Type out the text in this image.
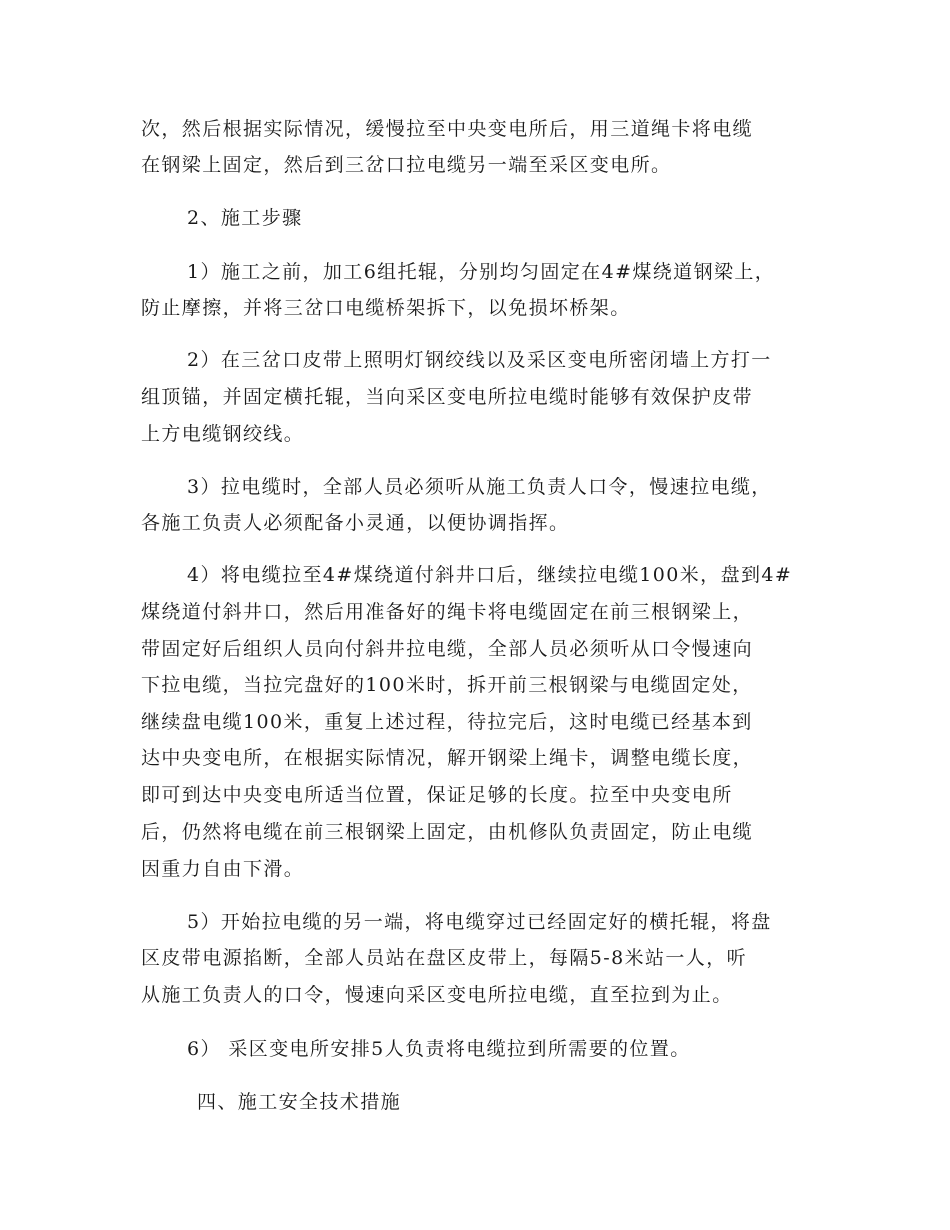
次，然后根据实际情况，缓慢拉至中央变电所后，用三道绳卡将电缆
在钢梁上固定，然后到三岔口拉电缆另一端至采区变电所。
2、施工步骤
1）施工之前，加工6组托辊，分别均匀固定在4#煤绕道钢梁上，
防止摩擦，并将三岔口电缆桥架拆下，以免损坏桥架。
2）在三岔口皮带上照明灯钢绞线以及采区变电所密闭墙上方打一
组顶锚，并固定横托辊，当向采区变电所拉电缆时能够有效保护皮带
上方电缆钢绞线。
3）拉电缆时，全部人员必须听从施工负责人口令，慢速拉电缆，
各施工负责人必须配备小灵通，以便协调指挥。
4）将电缆拉至4#煤绕道付斜井口后，继续拉电缆100米，盘到4#
煤绕道付斜井口，然后用准备好的绳卡将电缆固定在前三根钢梁上，
带固定好后组织人员向付斜井拉电缆，全部人员必须听从口令慢速向
下拉电缆，当拉完盘好的100米时，拆开前三根钢梁与电缆固定处，
继续盘电缆100米，重复上述过程，待拉完后，这时电缆已经基本到
达中央变电所，在根据实际情况，解开钢梁上绳卡，调整电缆长度，
即可到达中央变电所适当位置，保证足够的长度。拉至中央变电所
后，仍然将电缆在前三根钢梁上固定，由机修队负责固定，防止电缆
因重力自由下滑。
5）开始拉电缆的另一端，将电缆穿过已经固定好的横托辊，将盘
区皮带电源掐断，全部人员站在盘区皮带上，每隔5-8米站一人，听
从施工负责人的口令，慢速向采区变电所拉电缆，直至拉到为止。
6） 采区变电所安排5人负责将电缆拉到所需要的位置。
四、施工安全技术措施
